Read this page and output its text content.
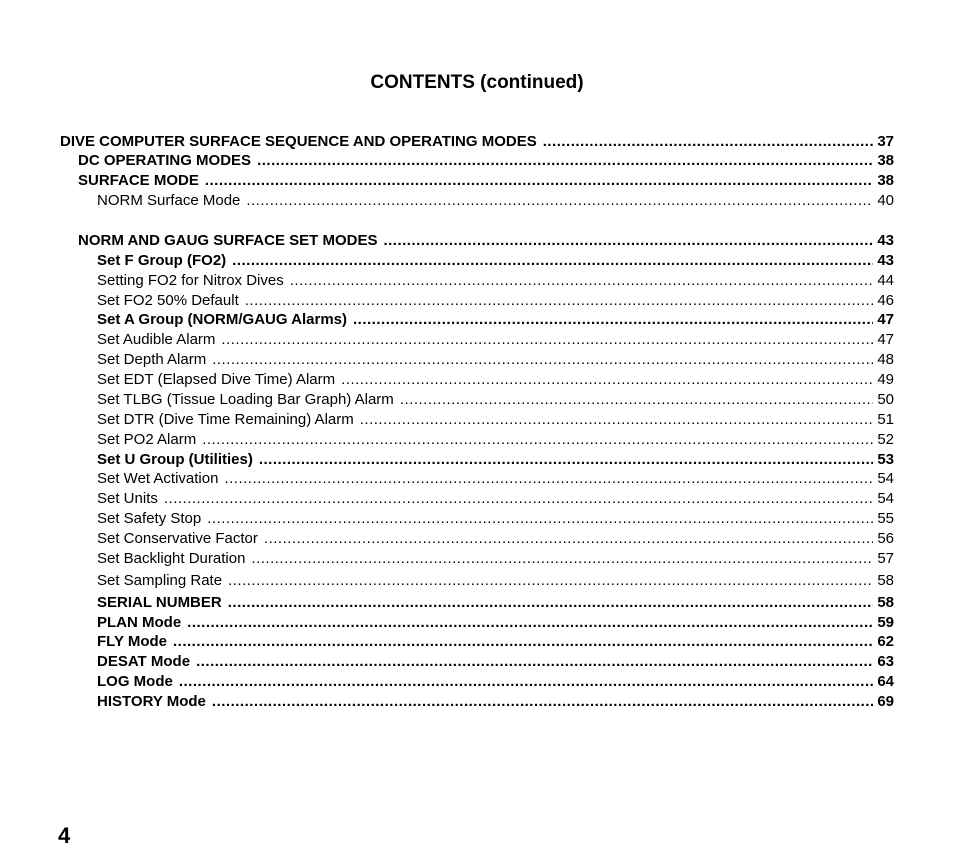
CONTENTS (continued)
DIVE COMPUTER SURFACE SEQUENCE AND OPERATING MODES .....	37
DC OPERATING MODES .....	38
SURFACE MODE .....	38
NORM Surface Mode .....	40
NORM AND GAUG SURFACE SET MODES .....	43
Set F Group (FO2) .....	43
Setting FO2 for Nitrox Dives .....	44
Set FO2 50% Default .....	46
Set A Group (NORM/GAUG Alarms) .....	47
Set Audible Alarm .....	47
Set Depth Alarm .....	48
Set EDT (Elapsed Dive Time) Alarm .....	49
Set TLBG (Tissue Loading Bar Graph) Alarm .....	50
Set DTR (Dive Time Remaining) Alarm .....	51
Set PO2 Alarm .....	52
Set U Group (Utilities) .....	53
Set Wet Activation .....	54
Set Units .....	54
Set Safety Stop .....	55
Set Conservative Factor .....	56
Set Backlight Duration .....	57
Set Sampling Rate .....	58
SERIAL NUMBER .....	58
PLAN Mode .....	59
FLY Mode .....	62
DESAT Mode .....	63
LOG Mode .....	64
HISTORY Mode .....	69
4
